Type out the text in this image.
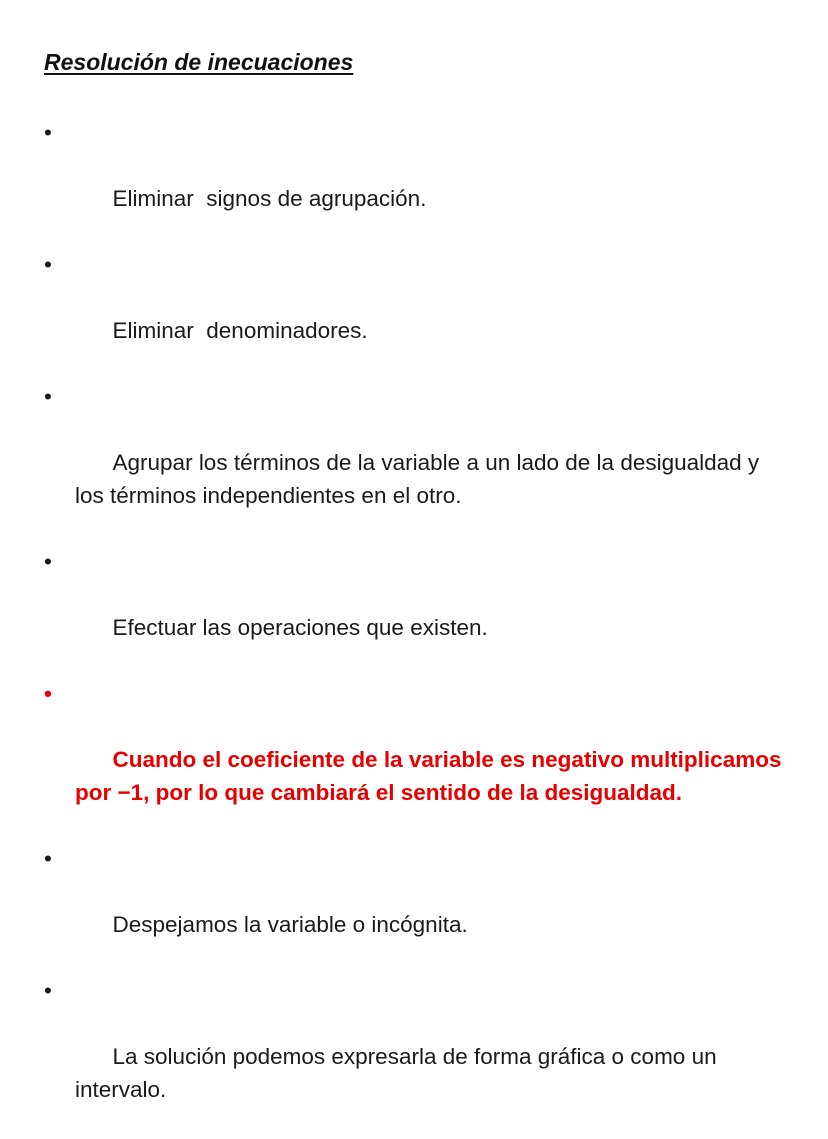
Resolución de inecuaciones

•

Eliminar  signos de agrupación.

•

Eliminar  denominadores.

•

Agrupar los términos de la variable a un lado de la desigualdad y los términos independientes en el otro.

•

Efectuar las operaciones que existen.

•

Cuando el coeficiente de la variable es negativo multiplicamos por −1, por lo que cambiará el sentido de la desigualdad.

•

Despejamos la variable o incógnita.

•

La solución podemos expresarla de forma gráfica o como un intervalo.
